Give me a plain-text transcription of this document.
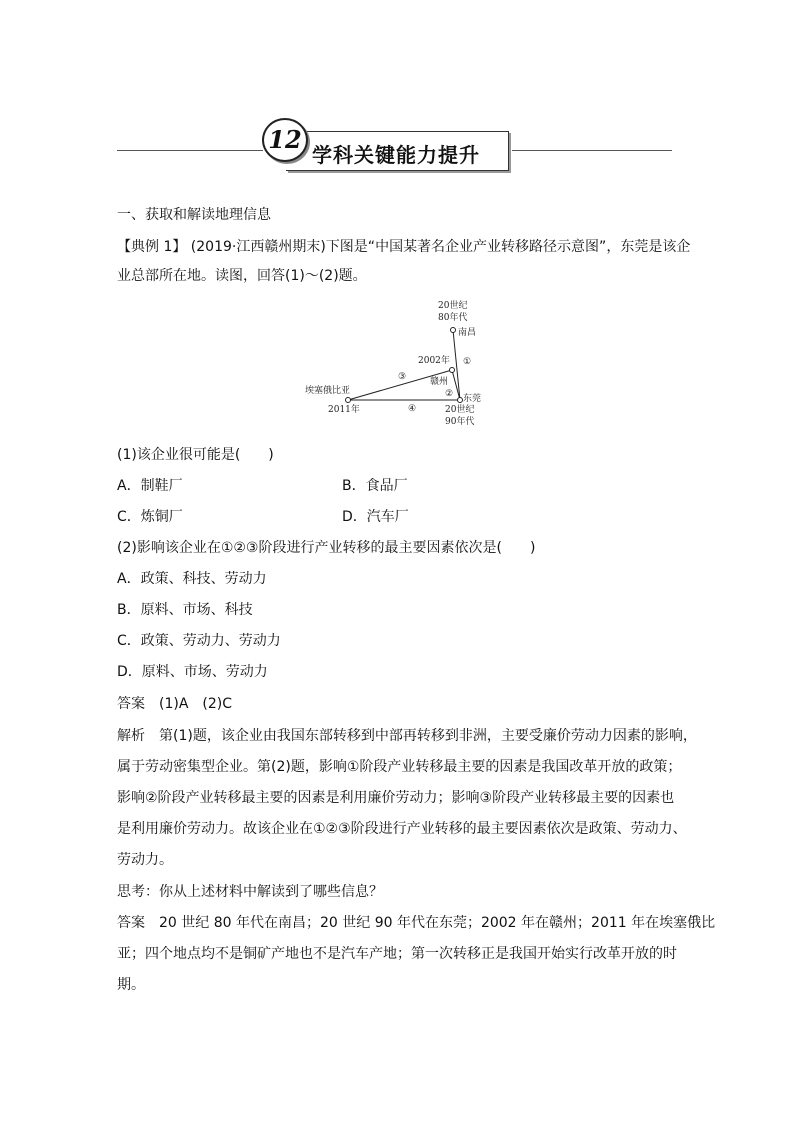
学科关键能力提升
12
一、获取和解读地理信息
【典例 1】 (2019·江西赣州期末)下图是“中国某著名企业产业转移路径示意图”，东莞是该企
业总部所在地。读图，回答(1)～(2)题。
20世纪
80年代
南昌
2002年
赣州
东莞
20世纪
90年代
埃塞俄比亚
2011年
①
②
③
④
(1)该企业很可能是(　　)
A．制鞋厂	B．食品厂
C．炼铜厂	D．汽车厂
(2)影响该企业在①②③阶段进行产业转移的最主要因素依次是(　　)
A．政策、科技、劳动力
B．原料、市场、科技
C．政策、劳动力、劳动力
D．原料、市场、劳动力
答案　(1)A　(2)C
解析　第(1)题，该企业由我国东部转移到中部再转移到非洲，主要受廉价劳动力因素的影响，
属于劳动密集型企业。第(2)题，影响①阶段产业转移最主要的因素是我国改革开放的政策；
影响②阶段产业转移最主要的因素是利用廉价劳动力；影响③阶段产业转移最主要的因素也
是利用廉价劳动力。故该企业在①②③阶段进行产业转移的最主要因素依次是政策、劳动力、
劳动力。
思考：你从上述材料中解读到了哪些信息？
答案　20 世纪 80 年代在南昌；20 世纪 90 年代在东莞；2002 年在赣州；2011 年在埃塞俄比
亚；四个地点均不是铜矿产地也不是汽车产地；第一次转移正是我国开始实行改革开放的时
期。
